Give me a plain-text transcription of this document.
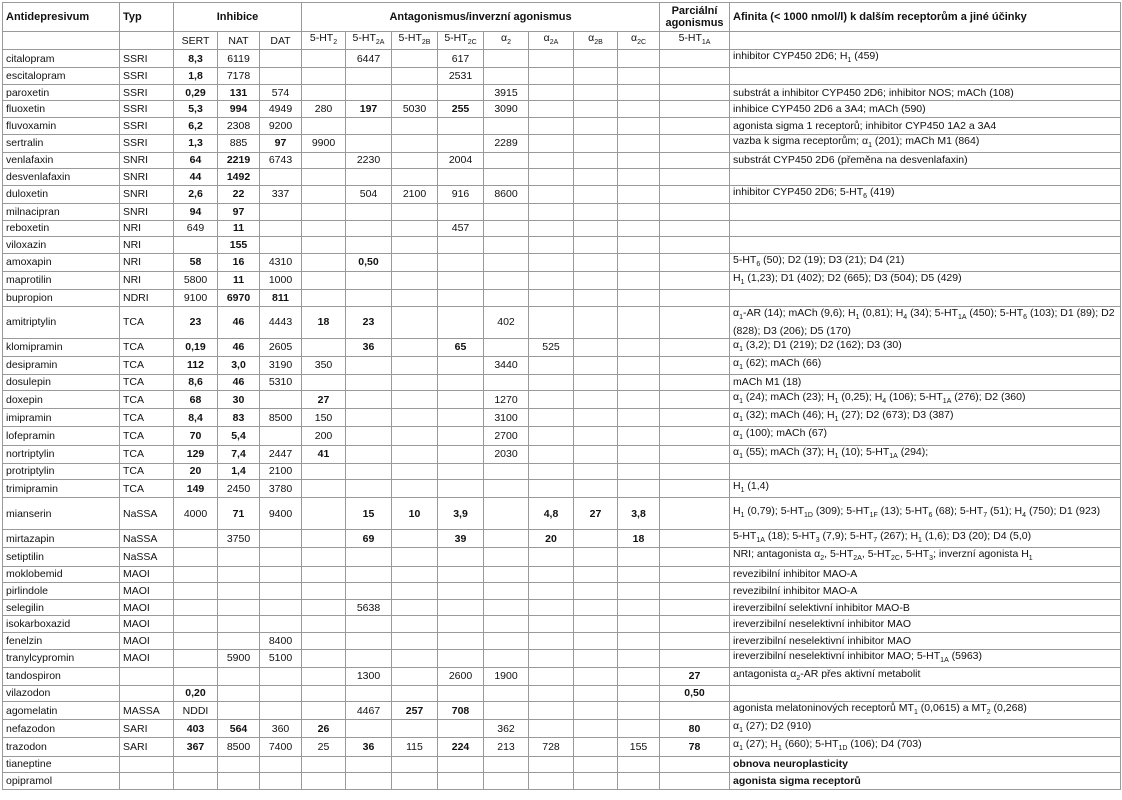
Antidepresivum	Typ	Inhibice			Antagonismus/inverzní agonismus								Parciální agonismus	Afinita (< 1000 nmol/l) k dalším receptorům a jiné účinky
		SERT	NAT	DAT	$5-HT_2$	$5-HT_{2A}$	$5-HT_{2B}$	$5-HT_{2C}$	$\alpha_2$	$\alpha_{2A}$	$\alpha_{2B}$	$\alpha_{2C}$	$5-HT_{1A}$	
citalopram	SSRI	8,3	6119			6447		617						inhibitor CYP450 2D6; $H_1$ (459)
escitalopram	SSRI	1,8	7178					2531						
paroxetin	SSRI	0,29	131	574					3915					substrát a inhibitor CYP450 2D6; inhibitor NOS; mACh (108)
fluoxetin	SSRI	5,3	994	4949	280	197	5030	255	3090					inhibice CYP450 2D6 a 3A4; mACh (590)
fluvoxamin	SSRI	6,2	2308	9200										agonista sigma 1 receptorů; inhibitor CYP450 1A2 a 3A4
sertralin	SSRI	1,3	885	97	9900				2289					vazba k sigma receptorům; $\alpha_1$ (201); mACh M1 (864)
venlafaxin	SNRI	64	2219	6743		2230		2004						substrát CYP450 2D6 (přeměna na desvenlafaxin)
desvenlafaxin	SNRI	44	1492											
duloxetin	SNRI	2,6	22	337		504	2100	916	8600					inhibitor CYP450 2D6; $5-HT_6$ (419)
milnacipran	SNRI	94	97											
reboxetin	NRI	649	11					457						
viloxazin	NRI		155											
amoxapin	NRI	58	16	4310		0,50								$5-HT_6$ (50); D2 (19); D3 (21); D4 (21)
maprotilin	NRI	5800	11	1000										$H_1$ (1,23); D1 (402); D2 (665); D3 (504); D5 (429)
bupropion	NDRI	9100	6970	811										
amitriptylin	TCA	23	46	4443	18	23			402					$\alpha_1-AR$ (14); mACh (9,6); $H_1$ (0,81); $H_4$ (34); $5-HT_{1A}$ (450); $5-HT_6$ (103); D1 (89); D2 (828); D3 (206); D5 (170)
klomipramin	TCA	0,19	46	2605		36		65		525				$\alpha_1$ (3,2); D1 (219); D2 (162); D3 (30)
desipramin	TCA	112	3,0	3190	350				3440					$\alpha_1$ (62); mACh (66)
dosulepin	TCA	8,6	46	5310										mACh M1 (18)
doxepin	TCA	68	30		27				1270					$\alpha_1$ (24); mACh (23); $H_1$ (0,25); $H_4$ (106); $5-HT_{1A}$ (276); D2 (360)
imipramin	TCA	8,4	83	8500	150				3100					$\alpha_1$ (32); mACh (46); $H_1$ (27); D2 (673); D3 (387)
lofepramin	TCA	70	5,4		200				2700					$\alpha_1$ (100); mACh (67)
nortriptylin	TCA	129	7,4	2447	41				2030					$\alpha_1$ (55); mACh (37); $H_1$ (10); $5-HT_{1A}$ (294);
protriptylin	TCA	20	1,4	2100										
trimipramin	TCA	149	2450	3780										$H_1$ (1,4)
mianserin	NaSSA	4000	71	9400		15	10	3,9		4,8	27	3,8		$H_1$ (0,79); $5-HT_{1D}$ (309); $5-HT_{1F}$ (13); $5-HT_6$ (68); $5-HT_7$ (51); $H_4$ (750); D1 (923)
mirtazapin	NaSSA		3750			69		39		20		18		$5-HT_{1A}$ (18); $5-HT_3$ (7,9); $5-HT_7$ (267); $H_1$ (1,6); D3 (20); D4 (5,0)
setiptilin	NaSSA													NRI; antagonista $\alpha_2$, $5-HT_{2A}$, $5-HT_{2C}$, $5-HT_3$; inverzní agonista $H_1$
moklobemid	MAOI													revezibilní inhibitor MAO-A
pirlindole	MAOI													revezibilní inhibitor MAO-A
selegilin	MAOI					5638								ireverzibilní selektivní inhibitor MAO-B
isokarboxazid	MAOI													ireverzibilní neselektivní inhibitor MAO
fenelzin	MAOI			8400										ireverzibilní neselektivní inhibitor MAO
tranylcypromin	MAOI		5900	5100										ireverzibilní neselektivní inhibitor MAO; $5-HT_{1A}$ (5963)
tandospiron						1300		2600	1900				27	antagonista $\alpha_2-AR$ přes aktivní metabolit
vilazodon		0,20											0,50	
agomelatin	MASSA	NDDI				4467	257	708						agonista melatoninových receptorů $MT_1$ (0,0615) a $MT_2$ (0,268)
nefazodon	SARI	403	564	360	26				362				80	$\alpha_1$ (27); D2 (910)
trazodon	SARI	367	8500	7400	25	36	115	224	213	728		155	78	$\alpha_1$ (27); $H_1$ (660); $5-HT_{1D}$ (106); D4 (703)
tianeptine														obnova neuroplasticity
opipramol														agonista sigma receptorů
